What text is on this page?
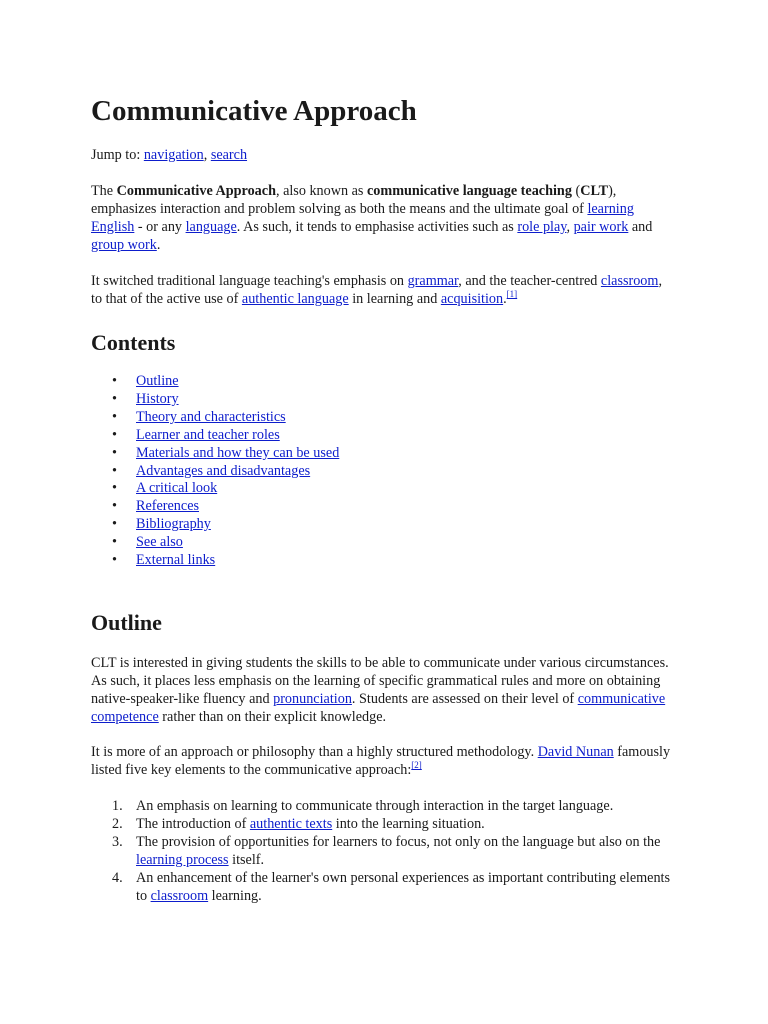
Communicative Approach

Jump to: navigation, search

The Communicative Approach, also known as communicative language teaching (CLT), emphasizes interaction and problem solving as both the means and the ultimate goal of learning English - or any language. As such, it tends to emphasise activities such as role play, pair work and group work.

It switched traditional language teaching's emphasis on grammar, and the teacher-centred classroom, to that of the active use of authentic language in learning and acquisition.[1]

Contents
• Outline
• History
• Theory and characteristics
• Learner and teacher roles
• Materials and how they can be used
• Advantages and disadvantages
• A critical look
• References
• Bibliography
• See also
• External links
Outline

CLT is interested in giving students the skills to be able to communicate under various circumstances. As such, it places less emphasis on the learning of specific grammatical rules and more on obtaining native-speaker-like fluency and pronunciation. Students are assessed on their level of communicative competence rather than on their explicit knowledge.

It is more of an approach or philosophy than a highly structured methodology. David Nunan famously listed five key elements to the communicative approach:[2]

1. An emphasis on learning to communicate through interaction in the target language.
2. The introduction of authentic texts into the learning situation.
3. The provision of opportunities for learners to focus, not only on the language but also on the learning process itself.
4. An enhancement of the learner's own personal experiences as important contributing elements to classroom learning.
